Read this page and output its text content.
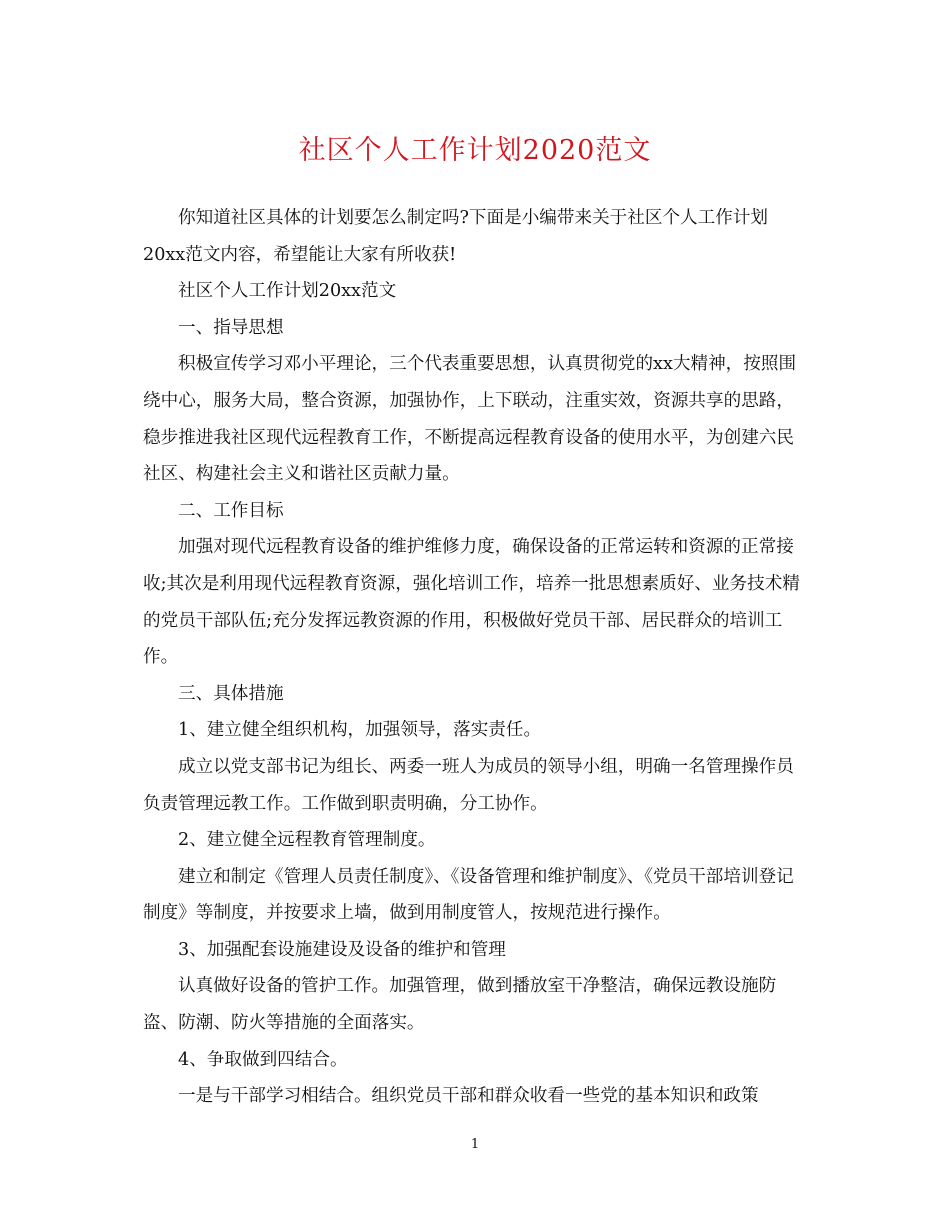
社区个人工作计划2020范文

你知道社区具体的计划要怎么制定吗?下面是小编带来关于社区个人工作计划20xx范文内容，希望能让大家有所收获!

社区个人工作计划20xx范文

一、指导思想

积极宣传学习邓小平理论，三个代表重要思想，认真贯彻党的xx大精神，按照围绕中心，服务大局，整合资源，加强协作，上下联动，注重实效，资源共享的思路，稳步推进我社区现代远程教育工作，不断提高远程教育设备的使用水平，为创建六民社区、构建社会主义和谐社区贡献力量。

二、工作目标

加强对现代远程教育设备的维护维修力度，确保设备的正常运转和资源的正常接收;其次是利用现代远程教育资源，强化培训工作，培养一批思想素质好、业务技术精的党员干部队伍;充分发挥远教资源的作用，积极做好党员干部、居民群众的培训工作。

三、具体措施

1、建立健全组织机构，加强领导，落实责任。

成立以党支部书记为组长、两委一班人为成员的领导小组，明确一名管理操作员负责管理远教工作。工作做到职责明确，分工协作。

2、建立健全远程教育管理制度。

建立和制定《管理人员责任制度》、《设备管理和维护制度》、《党员干部培训登记制度》等制度，并按要求上墙，做到用制度管人，按规范进行操作。

3、加强配套设施建设及设备的维护和管理

认真做好设备的管护工作。加强管理，做到播放室干净整洁，确保远教设施防盗、防潮、防火等措施的全面落实。

4、争取做到四结合。

一是与干部学习相结合。组织党员干部和群众收看一些党的基本知识和政策

1
